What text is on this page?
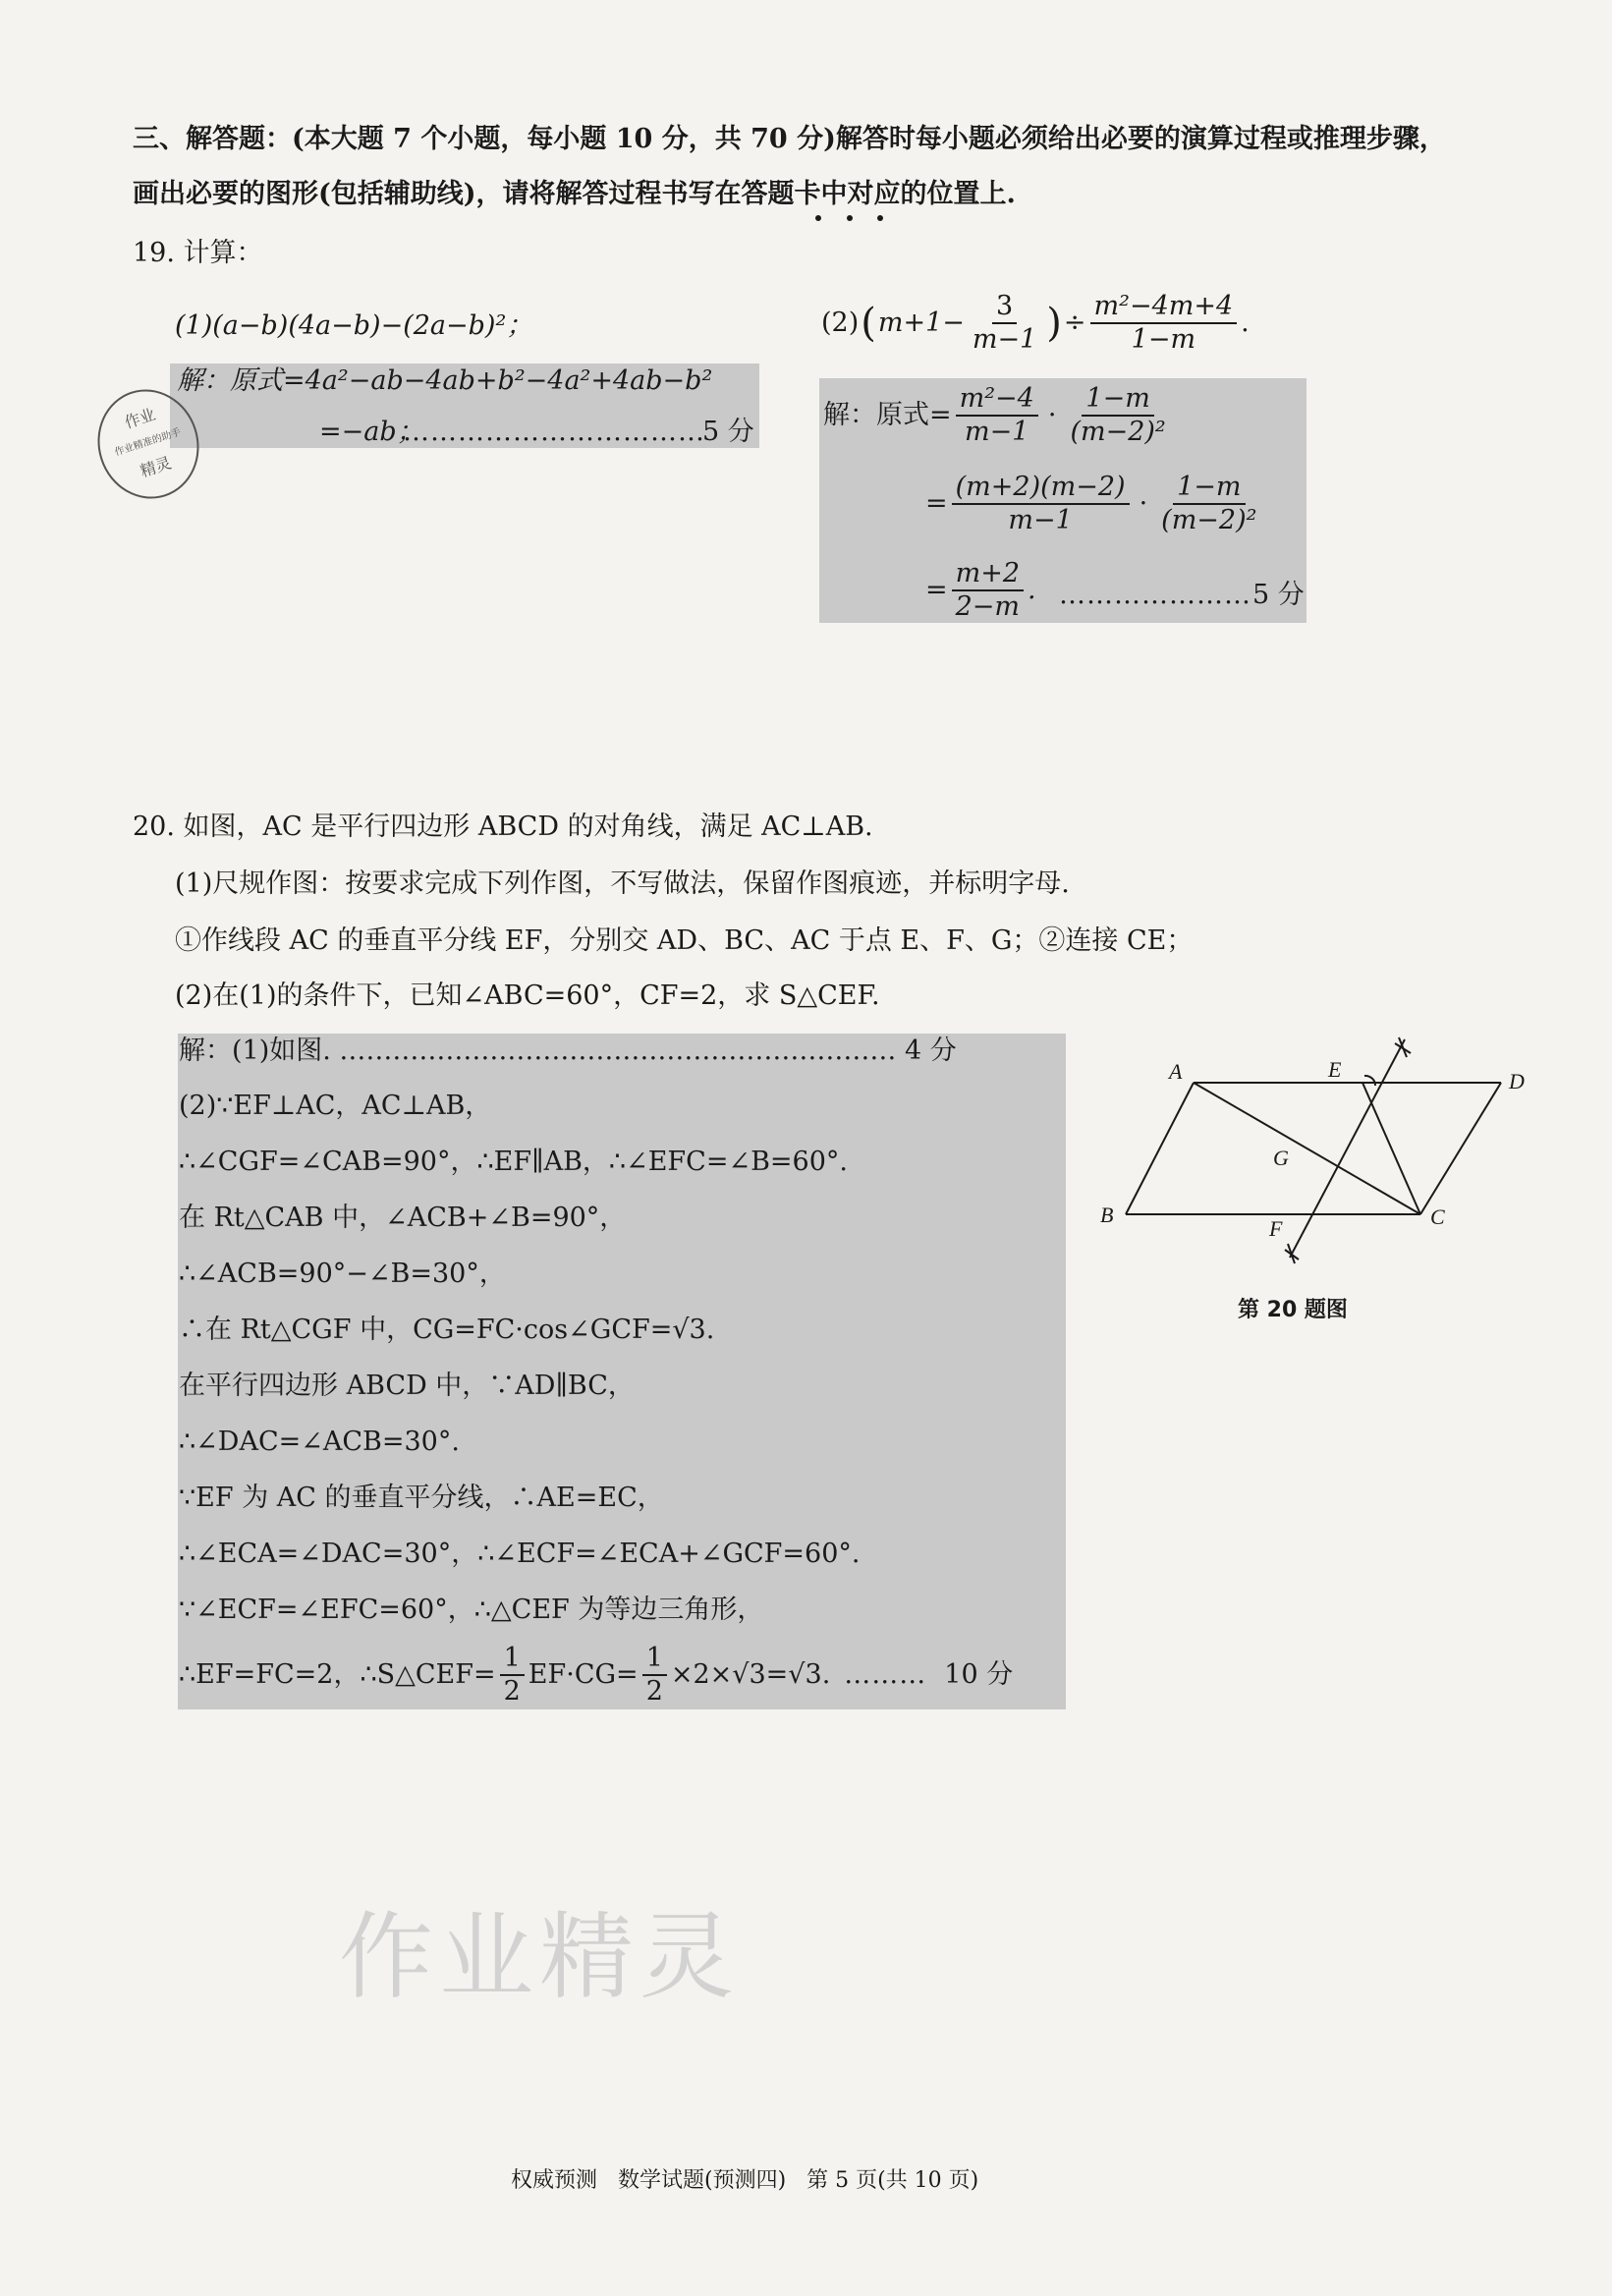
三、解答题：(本大题 7 个小题，每小题 10 分，共 70 分)解答时每小题必须给出必要的演算过程或推理步骤，
画出必要的图形(包括辅助线)，请将解答过程书写在答题卡中对应的位置上.
19. 计算：
(1)(a−b)(4a−b)−(2a−b)²；	(2) ( $m+1- \frac{3}{m-1}$ ) ÷ $\frac{\text{m²−4m+4}}{1-m}$ .
解：原式=4a²−ab−4ab+b²−4a²+4ab−b²
=−ab；
……………………………
5 分
作业
作业精准的助手
精灵
解：原式= $\frac{\text{m²−4}}{m-1} \cdot \frac{1-m}{\text{(m−2)²}}$
= $\frac{(m+2)(m-2)}{m-1} \cdot \frac{1-m}{\text{(m−2)²}}$
= $\frac{m+2}{2-m}$ . ………………… 5 分
20. 如图，AC 是平行四边形 ABCD 的对角线，满足 AC⊥AB.
(1)尺规作图：按要求完成下列作图，不写做法，保留作图痕迹，并标明字母.
①作线段 AC 的垂直平分线 EF，分别交 AD、BC、AC 于点 E、F、G；②连接 CE；
(2)在(1)的条件下，已知∠ABC=60°，CF=2，求 S△CEF.
解：(1)如图. ……………………………………………………… 4 分
(2)∵EF⊥AC，AC⊥AB，
∴∠CGF=∠CAB=90°，∴EF∥AB，∴∠EFC=∠B=60°.
在 Rt△CAB 中，∠ACB+∠B=90°，
∴∠ACB=90°−∠B=30°，
∴在 Rt△CGF 中，CG=FC·cos∠GCF=√3.
在平行四边形 ABCD 中，∵AD∥BC，
∴∠DAC=∠ACB=30°.
∵EF 为 AC 的垂直平分线，∴AE=EC，
∴∠ECA=∠DAC=30°，∴∠ECF=∠ECA+∠GCF=60°.
∵∠ECF=∠EFC=60°，∴△CEF 为等边三角形，
∴EF=FC=2，∴S△CEF= $\frac{1}{2} EF\cdot CG= \frac{1}{2} \times 2\times√3=√3$. ……… 10 分
A
B	C
D
E
G
F
第 20 题图
作业精灵
权威预测   数学试题(预测四)   第 5 页(共 10 页)
